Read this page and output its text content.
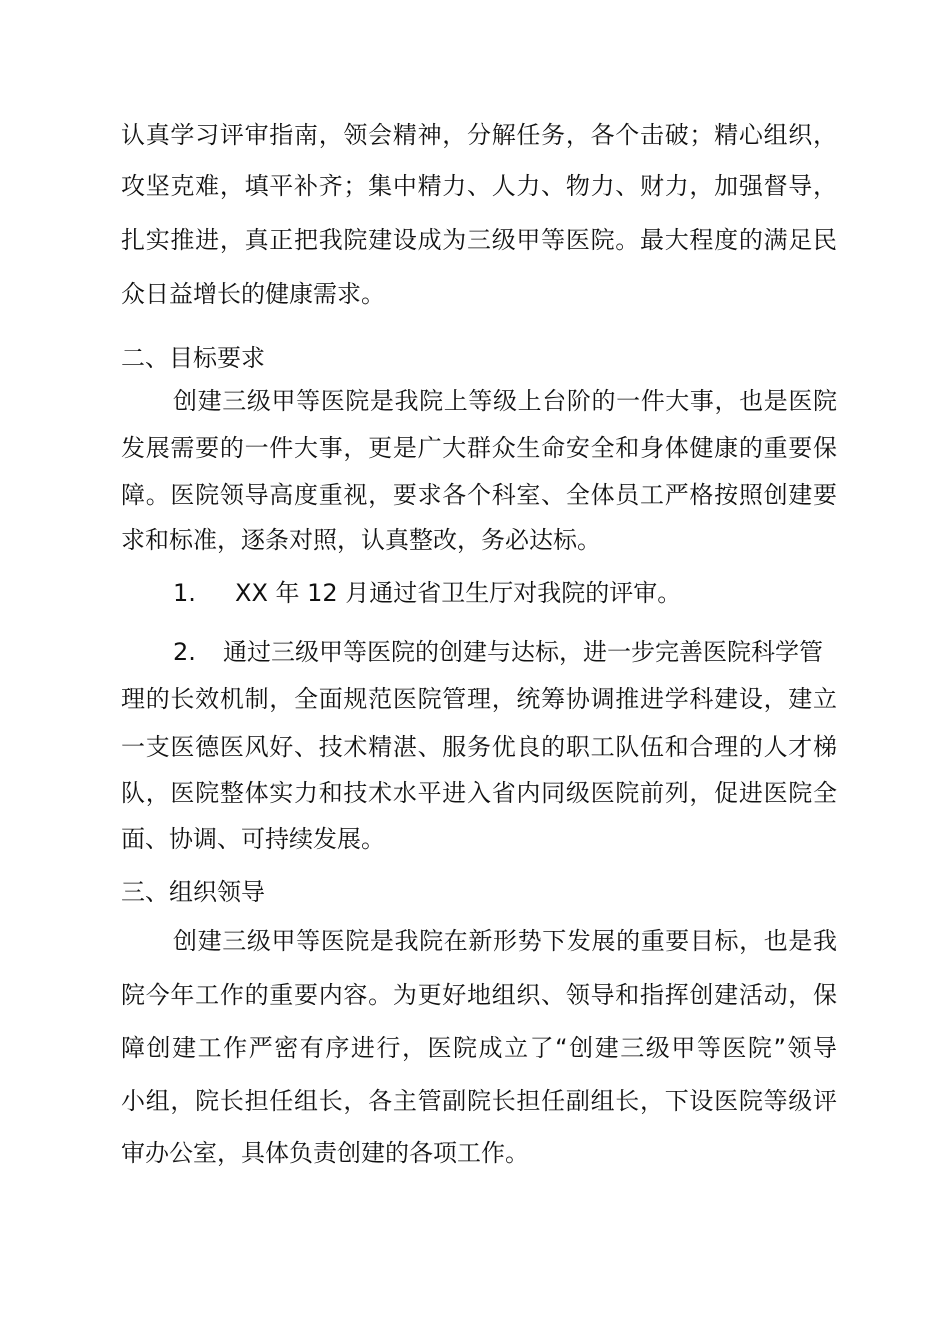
认真学习评审指南，领会精神，分解任务，各个击破；精心组织，
攻坚克难，填平补齐；集中精力、人力、物力、财力，加强督导，
扎实推进，真正把我院建设成为三级甲等医院。最大程度的满足民
众日益增长的健康需求。
二、目标要求
创建三级甲等医院是我院上等级上台阶的一件大事，也是医院
发展需要的一件大事，更是广大群众生命安全和身体健康的重要保
障。医院领导高度重视，要求各个科室、全体员工严格按照创建要
求和标准，逐条对照，认真整改，务必达标。
1. XX 年 12 月通过省卫生厅对我院的评审。
2. 通过三级甲等医院的创建与达标，进一步完善医院科学管
理的长效机制，全面规范医院管理，统筹协调推进学科建设，建立
一支医德医风好、技术精湛、服务优良的职工队伍和合理的人才梯
队，医院整体实力和技术水平进入省内同级医院前列，促进医院全
面、协调、可持续发展。
三、组织领导
创建三级甲等医院是我院在新形势下发展的重要目标，也是我
院今年工作的重要内容。为更好地组织、领导和指挥创建活动，保
障创建工作严密有序进行，医院成立了“创建三级甲等医院”领导
小组，院长担任组长，各主管副院长担任副组长，下设医院等级评
审办公室，具体负责创建的各项工作。
